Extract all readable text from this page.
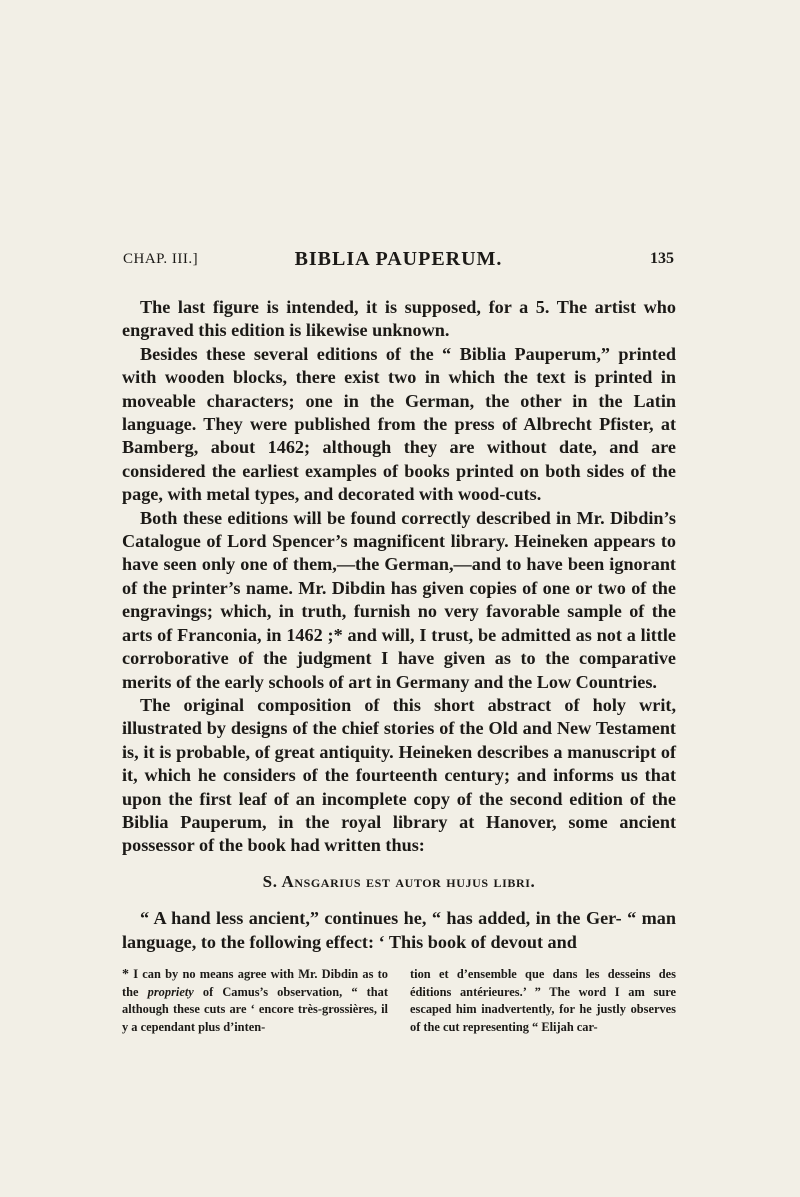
CHAP. III.]	BIBLIA PAUPERUM.	135

The last figure is intended, it is supposed, for a 5. The artist who engraved this edition is likewise unknown.

Besides these several editions of the “ Biblia Pauperum,” printed with wooden blocks, there exist two in which the text is printed in moveable characters; one in the German, the other in the Latin language. They were published from the press of Albrecht Pfister, at Bamberg, about 1462; although they are without date, and are considered the earliest examples of books printed on both sides of the page, with metal types, and decorated with wood-cuts.

Both these editions will be found correctly described in Mr. Dibdin’s Catalogue of Lord Spencer’s magnificent library. Heineken appears to have seen only one of them,—the German,—and to have been ignorant of the printer’s name. Mr. Dibdin has given copies of one or two of the engravings; which, in truth, furnish no very favorable sample of the arts of Franconia, in 1462 ;* and will, I trust, be admitted as not a little corroborative of the judgment I have given as to the comparative merits of the early schools of art in Germany and the Low Countries.

The original composition of this short abstract of holy writ, illustrated by designs of the chief stories of the Old and New Testament is, it is probable, of great antiquity. Heineken describes a manuscript of it, which he considers of the fourteenth century; and informs us that upon the first leaf of an incomplete copy of the second edition of the Biblia Pauperum, in the royal library at Hanover, some ancient possessor of the book had written thus:

S. Ansgarius est autor hujus libri.

“ A hand less ancient,” continues he, “ has added, in the Ger- “ man language, to the following effect: ‘ This book of devout and

* I can by no means agree with Mr. Dibdin as to the propriety of Camus’s observation, “ that although these cuts are ‘ encore très-grossières, il y a cependant plus d’inten-

tion et d’ensemble que dans les desseins des éditions antérieures.’ ” The word I am sure escaped him inadvertently, for he justly observes of the cut representing “ Elijah car-
